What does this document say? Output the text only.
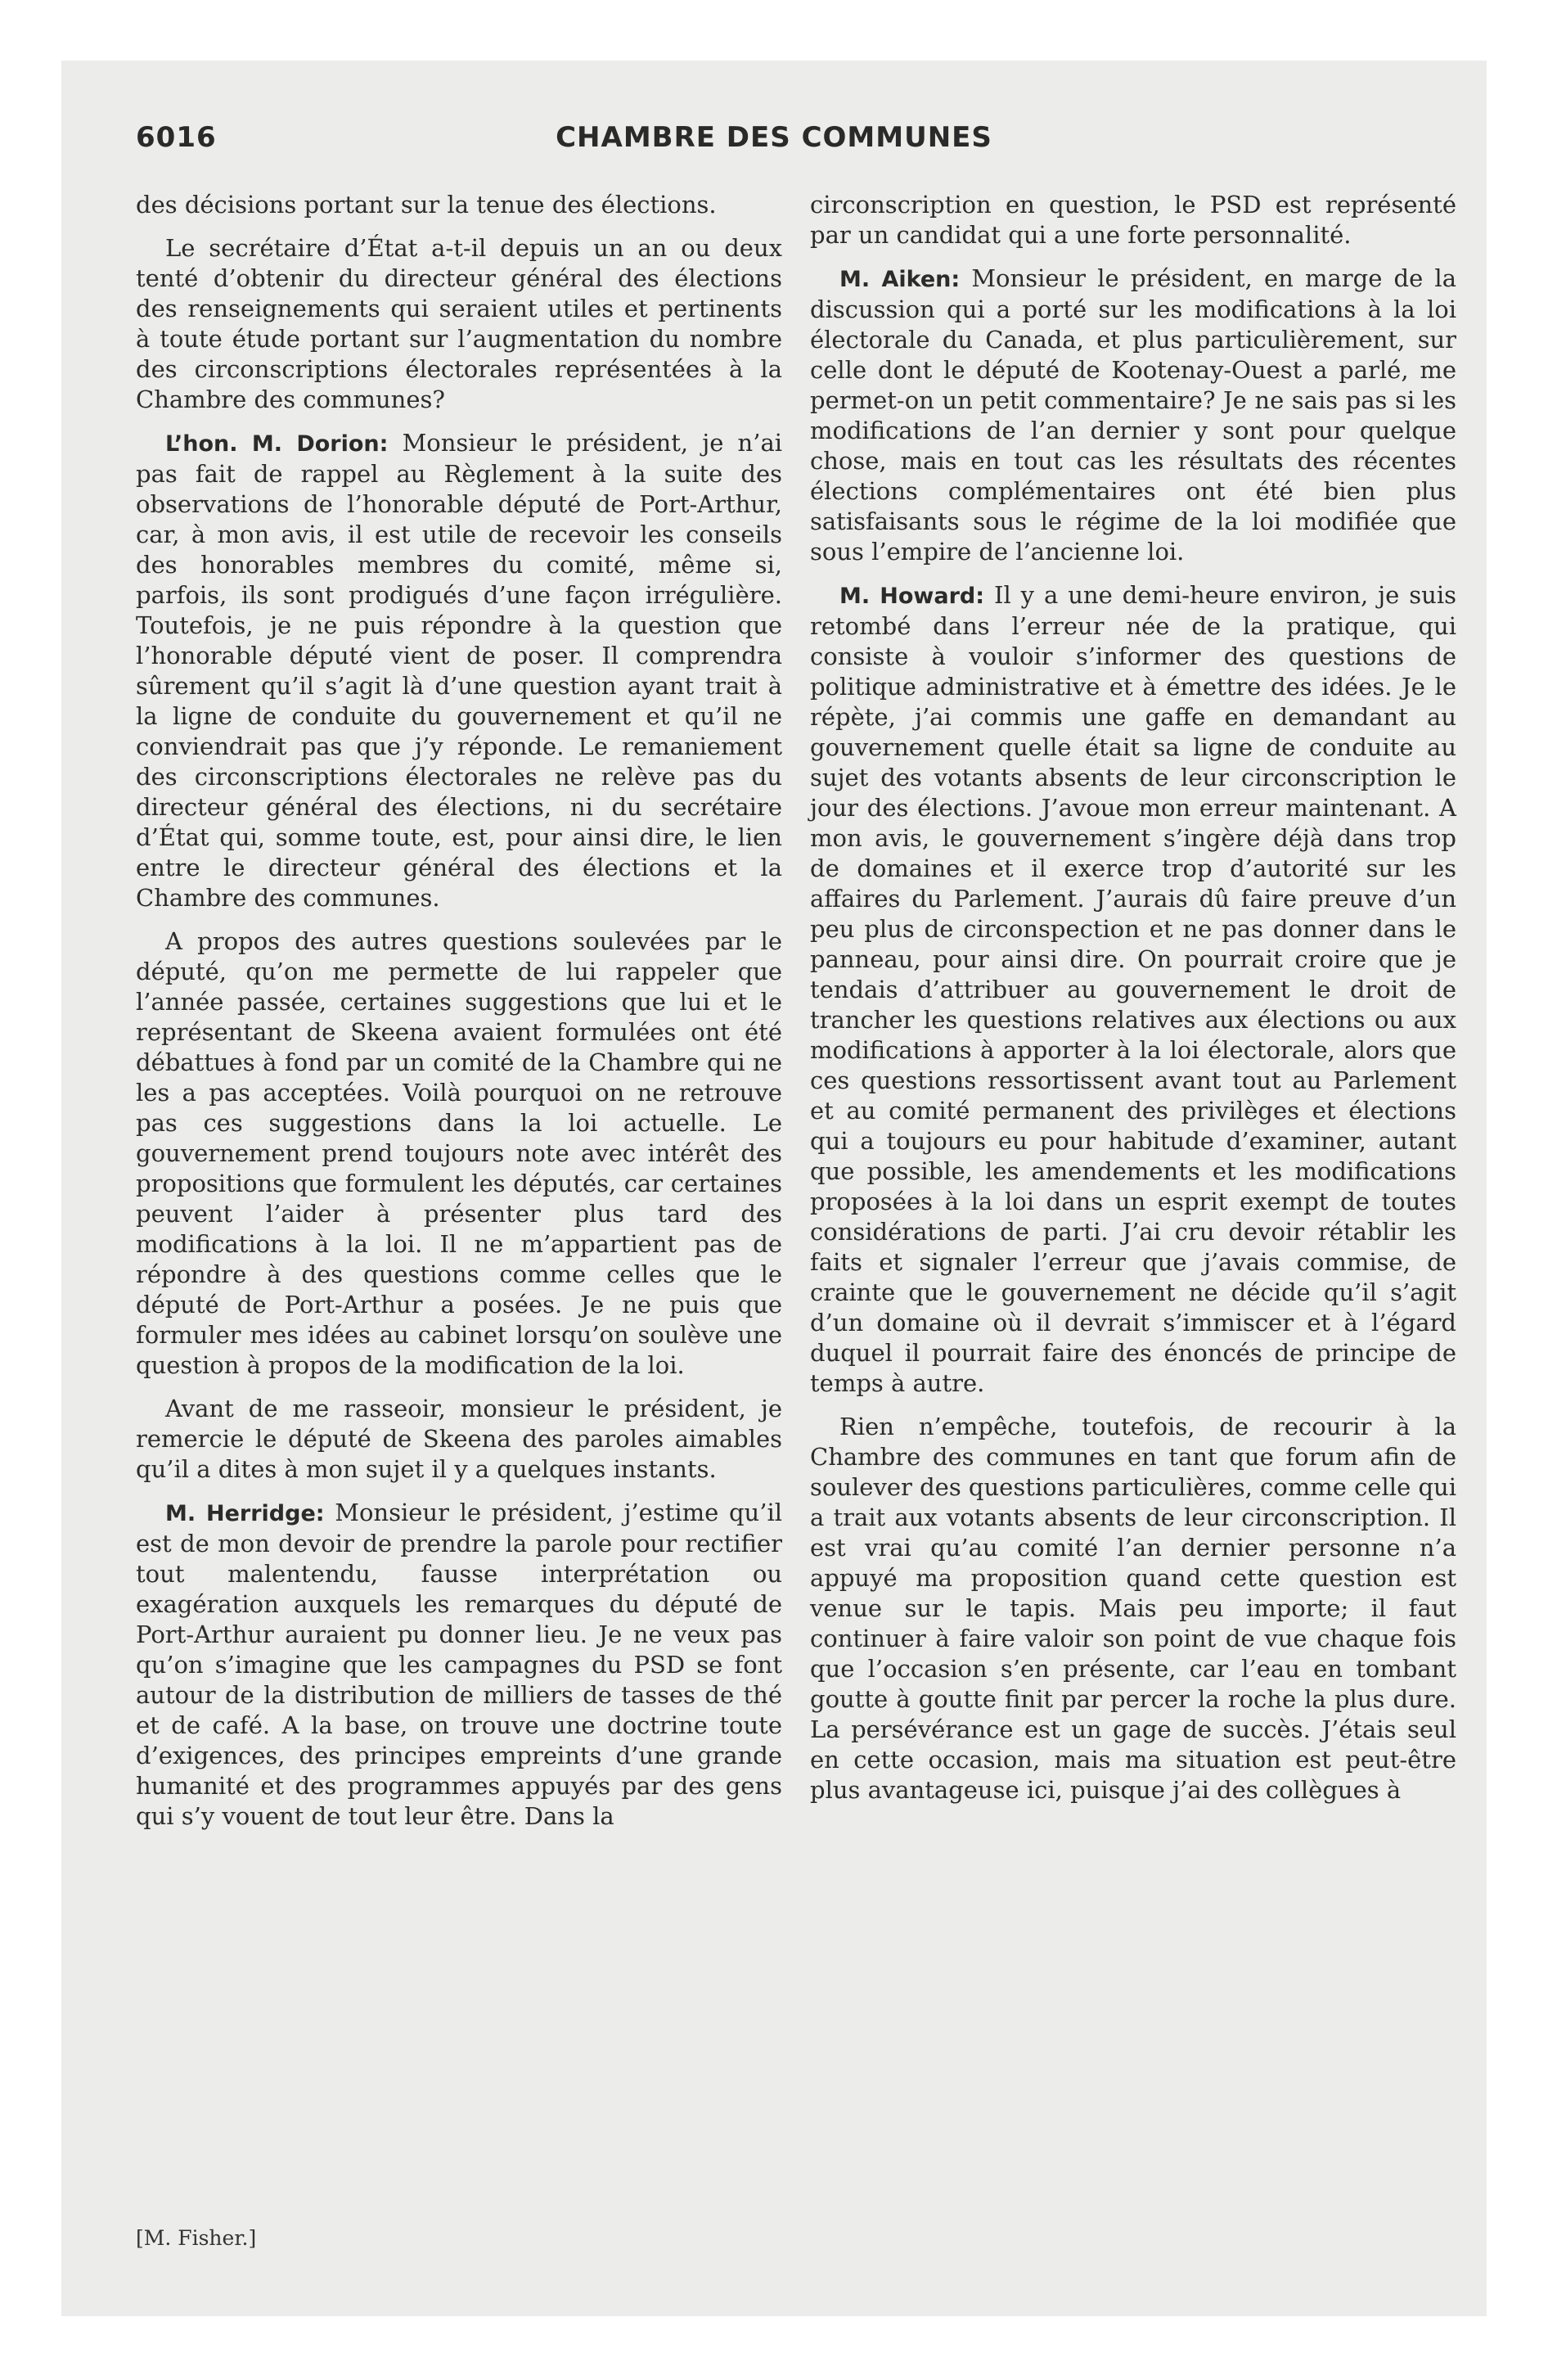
6016	CHAMBRE DES COMMUNES

des décisions portant sur la tenue des élections.

Le secrétaire d’État a-t-il depuis un an ou deux tenté d’obtenir du directeur général des élections des renseignements qui seraient utiles et pertinents à toute étude portant sur l’augmentation du nombre des circonscriptions électorales représentées à la Chambre des communes?

L’hon. M. Dorion: Monsieur le président, je n’ai pas fait de rappel au Règlement à la suite des observations de l’honorable député de Port-Arthur, car, à mon avis, il est utile de recevoir les conseils des honorables membres du comité, même si, parfois, ils sont prodigués d’une façon irrégulière. Toutefois, je ne puis répondre à la question que l’honorable député vient de poser. Il comprendra sûrement qu’il s’agit là d’une question ayant trait à la ligne de conduite du gouvernement et qu’il ne conviendrait pas que j’y réponde. Le remaniement des circonscriptions électorales ne relève pas du directeur général des élections, ni du secrétaire d’État qui, somme toute, est, pour ainsi dire, le lien entre le directeur général des élections et la Chambre des communes.

A propos des autres questions soulevées par le député, qu’on me permette de lui rappeler que l’année passée, certaines suggestions que lui et le représentant de Skeena avaient formulées ont été débattues à fond par un comité de la Chambre qui ne les a pas acceptées. Voilà pourquoi on ne retrouve pas ces suggestions dans la loi actuelle. Le gouvernement prend toujours note avec intérêt des propositions que formulent les députés, car certaines peuvent l’aider à présenter plus tard des modifications à la loi. Il ne m’appartient pas de répondre à des questions comme celles que le député de Port-Arthur a posées. Je ne puis que formuler mes idées au cabinet lorsqu’on soulève une question à propos de la modification de la loi.

Avant de me rasseoir, monsieur le président, je remercie le député de Skeena des paroles aimables qu’il a dites à mon sujet il y a quelques instants.

M. Herridge: Monsieur le président, j’estime qu’il est de mon devoir de prendre la parole pour rectifier tout malentendu, fausse interprétation ou exagération auxquels les remarques du député de Port-Arthur auraient pu donner lieu. Je ne veux pas qu’on s’imagine que les campagnes du PSD se font autour de la distribution de milliers de tasses de thé et de café. A la base, on trouve une doctrine toute d’exigences, des principes empreints d’une grande humanité et des programmes appuyés par des gens qui s’y vouent de tout leur être. Dans la

circonscription en question, le PSD est représenté par un candidat qui a une forte personnalité.

M. Aiken: Monsieur le président, en marge de la discussion qui a porté sur les modifications à la loi électorale du Canada, et plus particulièrement, sur celle dont le député de Kootenay-Ouest a parlé, me permet-on un petit commentaire? Je ne sais pas si les modifications de l’an dernier y sont pour quelque chose, mais en tout cas les résultats des récentes élections complémentaires ont été bien plus satisfaisants sous le régime de la loi modifiée que sous l’empire de l’ancienne loi.

M. Howard: Il y a une demi-heure environ, je suis retombé dans l’erreur née de la pratique, qui consiste à vouloir s’informer des questions de politique administrative et à émettre des idées. Je le répète, j’ai commis une gaffe en demandant au gouvernement quelle était sa ligne de conduite au sujet des votants absents de leur circonscription le jour des élections. J’avoue mon erreur maintenant. A mon avis, le gouvernement s’ingère déjà dans trop de domaines et il exerce trop d’autorité sur les affaires du Parlement. J’aurais dû faire preuve d’un peu plus de circonspection et ne pas donner dans le panneau, pour ainsi dire. On pourrait croire que je tendais d’attribuer au gouvernement le droit de trancher les questions relatives aux élections ou aux modifications à apporter à la loi électorale, alors que ces questions ressortissent avant tout au Parlement et au comité permanent des privilèges et élections qui a toujours eu pour habitude d’examiner, autant que possible, les amendements et les modifications proposées à la loi dans un esprit exempt de toutes considérations de parti. J’ai cru devoir rétablir les faits et signaler l’erreur que j’avais commise, de crainte que le gouvernement ne décide qu’il s’agit d’un domaine où il devrait s’immiscer et à l’égard duquel il pourrait faire des énoncés de principe de temps à autre.

Rien n’empêche, toutefois, de recourir à la Chambre des communes en tant que forum afin de soulever des questions particulières, comme celle qui a trait aux votants absents de leur circonscription. Il est vrai qu’au comité l’an dernier personne n’a appuyé ma proposition quand cette question est venue sur le tapis. Mais peu importe; il faut continuer à faire valoir son point de vue chaque fois que l’occasion s’en présente, car l’eau en tombant goutte à goutte finit par percer la roche la plus dure. La persévérance est un gage de succès. J’étais seul en cette occasion, mais ma situation est peut-être plus avantageuse ici, puisque j’ai des collègues à

[M. Fisher.]
